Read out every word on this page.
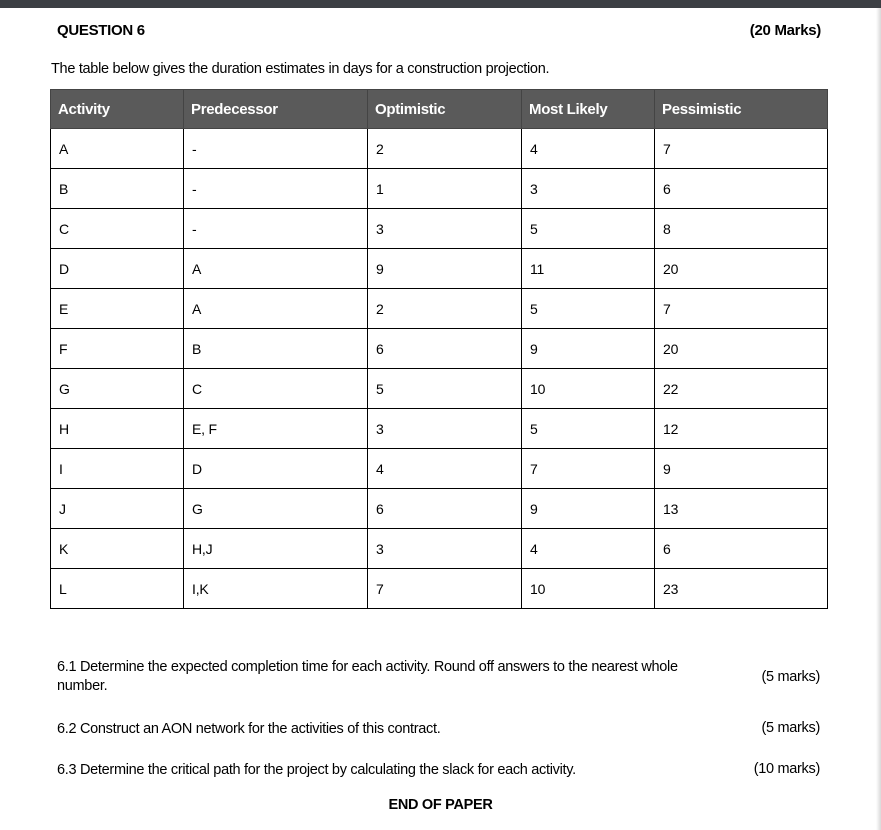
QUESTION 6	(20 Marks)
The table below gives the duration estimates in days for a construction projection.
Activity	Predecessor	Optimistic	Most Likely	Pessimistic
A	-	2	4	7
B	-	1	3	6
C	-	3	5	8
D	A	9	11	20
E	A	2	5	7
F	B	6	9	20
G	C	5	10	22
H	E, F	3	5	12
I	D	4	7	9
J	G	6	9	13
K	H,J	3	4	6
L	I,K	7	10	23
6.1 Determine the expected completion time for each activity. Round off answers to the nearest whole number.
(5 marks)
6.2 Construct an AON network for the activities of this contract.	(5 marks)
6.3 Determine the critical path for the project by calculating the slack for each activity.	(10 marks)
END OF PAPER
